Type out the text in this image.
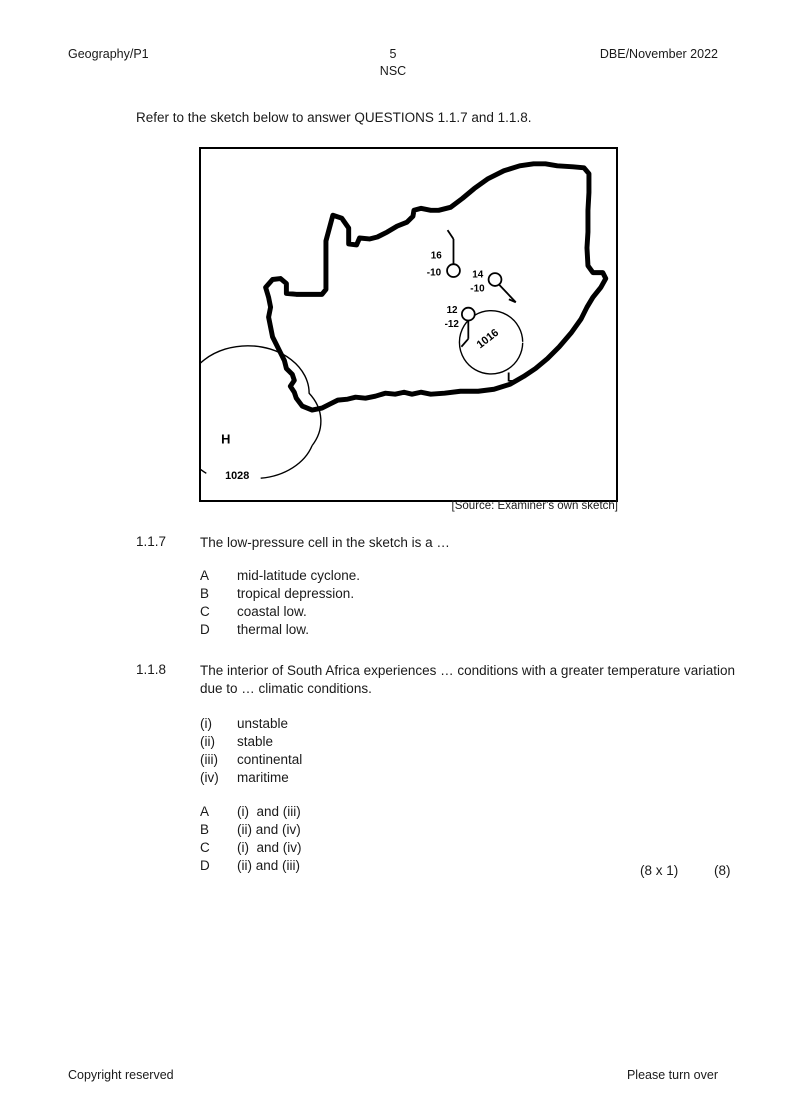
Geography/P1	5
NSC
DBE/November 2022
Refer to the sketch below to answer QUESTIONS 1.1.7 and 1.1.8.
H
1028
L
1016
16
-10	14
-10
12
-12
[Source: Examiner's own sketch]
1.1.7	The low-pressure cell in the sketch is a …
A	mid-latitude cyclone.
B	tropical depression.
C	coastal low.
D	thermal low.
1.1.8	The interior of South Africa experiences … conditions with a greater temperature variation due to … climatic conditions.
(i)	unstable
(ii)	stable
(iii)	continental
(iv)	maritime
A	(i)  and (iii)
B	(ii) and (iv)
C	(i)  and (iv)
D	(ii) and (iii)	(8 x 1)	(8)
Copyright reserved	Please turn over
